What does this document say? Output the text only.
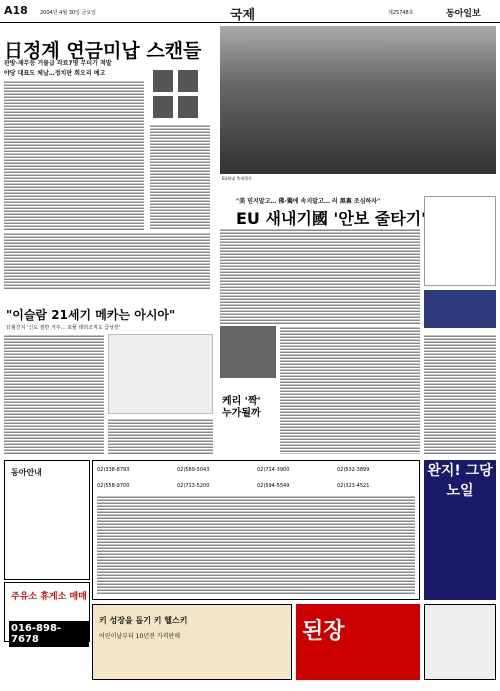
A18 2004년 4월 30일 금요일	국제	제25748호	동아일보
日정계 연금미납 스캔들
관방·재무등 거물급 각료7명 무더기 적발
야당 대표도 체납…정치판 회오리 예고
EU확대 축제행사
"美 믿지말고… 佛·獨에 속지말고… 러 黑裏 조심하자"
EU 새내기國 '안보 줄타기'
"이슬람 21세기 메카는 아시아"
日월간지 '신도 절반 거주… 포퓰 테러조직도 급성장'
케리 '짝'
누가될까
동아안내	02)338-8793	02)589-5043	02)714-3900	02)532-3899
02)558-9700	02)713-5200	02)594-5549	02)323-4521
완지! 그당 노일
주유소 휴게소 매매
016-898-7678
키 성장을 돕기 키 헬스키
어린이날부터 10년전 가격판매	된장
